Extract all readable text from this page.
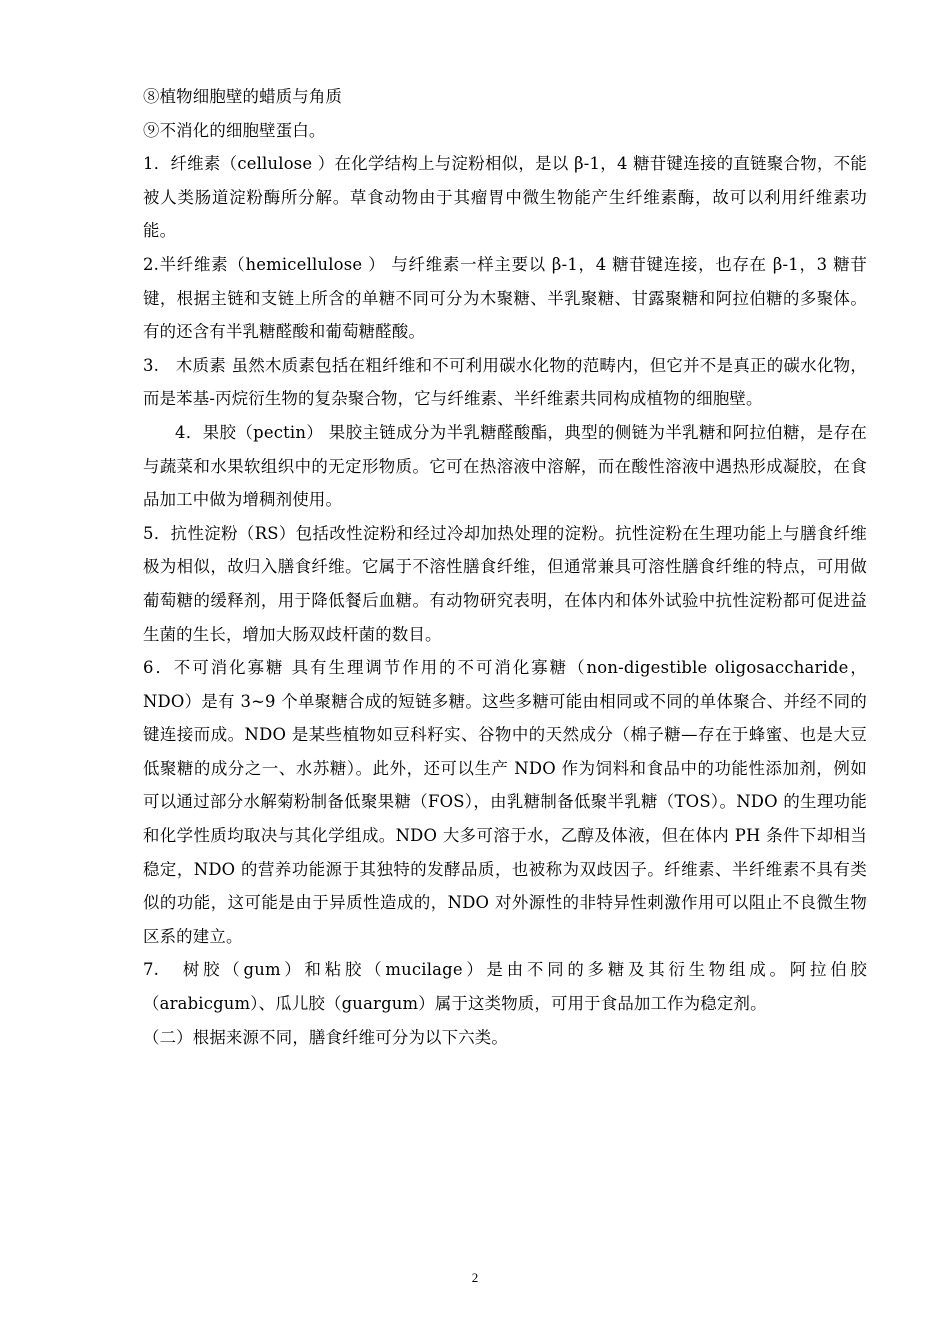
⑧植物细胞壁的蜡质与角质

⑨不消化的细胞壁蛋白。

1．纤维素（cellulose ）在化学结构上与淀粉相似，是以 β-1，4 糖苷键连接的直链聚合物，不能被人类肠道淀粉酶所分解。草食动物由于其瘤胃中微生物能产生纤维素酶，故可以利用纤维素功能。

2.半纤维素（hemicellulose ） 与纤维素一样主要以 β-1，4 糖苷键连接，也存在 β-1，3 糖苷键，根据主链和支链上所含的单糖不同可分为木聚糖、半乳聚糖、甘露聚糖和阿拉伯糖的多聚体。有的还含有半乳糖醛酸和葡萄糖醛酸。

3.　木质素 虽然木质素包括在粗纤维和不可利用碳水化物的范畴内，但它并不是真正的碳水化物，而是苯基-丙烷衍生物的复杂聚合物，它与纤维素、半纤维素共同构成植物的细胞壁。

4．果胶（pectin） 果胶主链成分为半乳糖醛酸酯，典型的侧链为半乳糖和阿拉伯糖，是存在与蔬菜和水果软组织中的无定形物质。它可在热溶液中溶解，而在酸性溶液中遇热形成凝胶，在食品加工中做为增稠剂使用。

5．抗性淀粉（RS）包括改性淀粉和经过冷却加热处理的淀粉。抗性淀粉在生理功能上与膳食纤维极为相似，故归入膳食纤维。它属于不溶性膳食纤维，但通常兼具可溶性膳食纤维的特点，可用做葡萄糖的缓释剂，用于降低餐后血糖。有动物研究表明，在体内和体外试验中抗性淀粉都可促进益生菌的生长，增加大肠双歧杆菌的数目。

6．不可消化寡糖 具有生理调节作用的不可消化寡糖（non-digestible oligosaccharide，NDO）是有 3~9 个单聚糖合成的短链多糖。这些多糖可能由相同或不同的单体聚合、并经不同的键连接而成。NDO 是某些植物如豆科籽实、谷物中的天然成分（棉子糖—存在于蜂蜜、也是大豆低聚糖的成分之一、水苏糖）。此外，还可以生产 NDO 作为饲料和食品中的功能性添加剂，例如可以通过部分水解菊粉制备低聚果糖（FOS），由乳糖制备低聚半乳糖（TOS）。NDO 的生理功能和化学性质均取决与其化学组成。NDO 大多可溶于水，乙醇及体液，但在体内 PH 条件下却相当稳定，NDO 的营养功能源于其独特的发酵品质，也被称为双歧因子。纤维素、半纤维素不具有类似的功能，这可能是由于异质性造成的，NDO 对外源性的非特异性刺激作用可以阻止不良微生物区系的建立。

7.　树胶（gum）和粘胶（mucilage）是由不同的多糖及其衍生物组成。阿拉伯胶（arabicgum）、瓜儿胶（guargum）属于这类物质，可用于食品加工作为稳定剂。

（二）根据来源不同，膳食纤维可分为以下六类。

2
